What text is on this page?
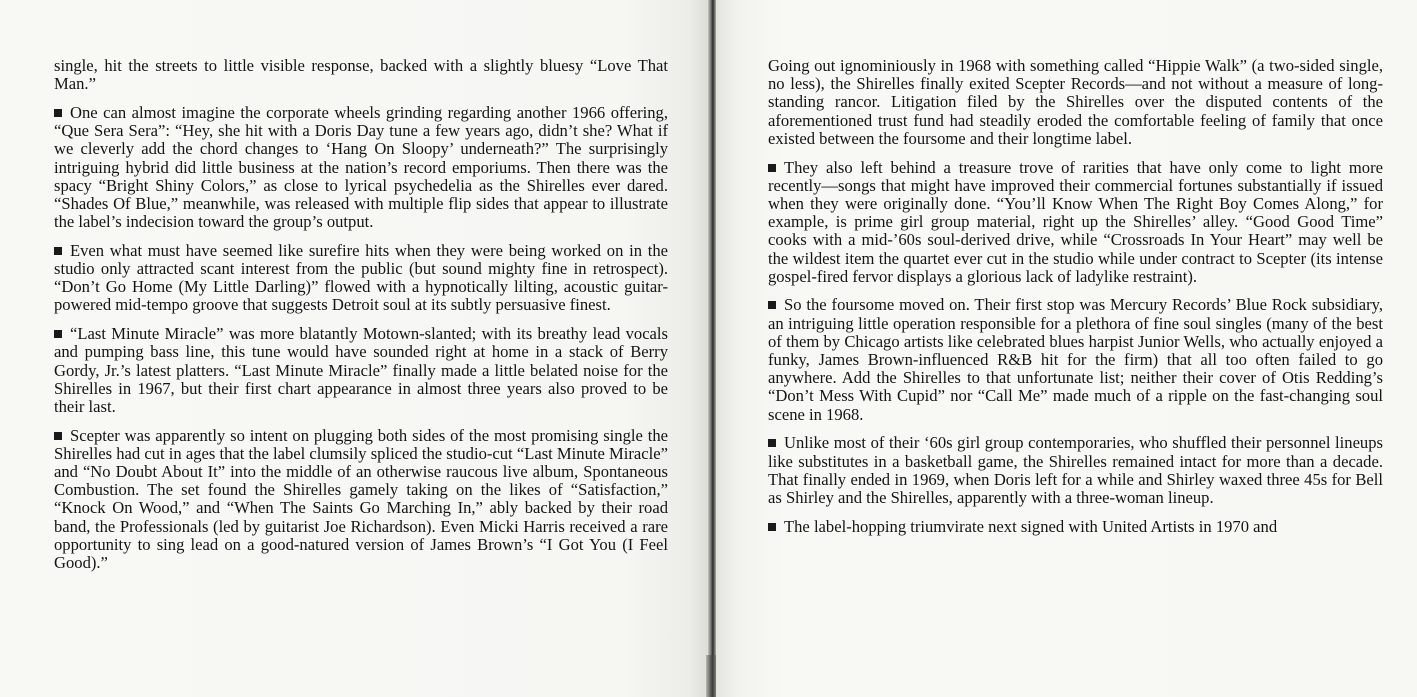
single, hit the streets to little visible response, backed with a slightly bluesy “Love That Man.”

One can almost imagine the corporate wheels grinding regarding another 1966 offering, “Que Sera Sera”: “Hey, she hit with a Doris Day tune a few years ago, didn’t she? What if we cleverly add the chord changes to ‘Hang On Sloopy’ underneath?” The surprisingly intriguing hybrid did little business at the nation’s record emporiums. Then there was the spacy “Bright Shiny Colors,” as close to lyrical psychedelia as the Shirelles ever dared. “Shades Of Blue,” meanwhile, was released with multiple flip sides that appear to illustrate the label’s indecision toward the group’s output.

Even what must have seemed like surefire hits when they were being worked on in the studio only attracted scant interest from the public (but sound mighty fine in retrospect). “Don’t Go Home (My Little Darling)” flowed with a hypnotically lilting, acoustic guitar-powered mid-tempo groove that suggests Detroit soul at its subtly persuasive finest.

“Last Minute Miracle” was more blatantly Motown-slanted; with its breathy lead vocals and pumping bass line, this tune would have sounded right at home in a stack of Berry Gordy, Jr.’s latest platters. “Last Minute Miracle” finally made a little belated noise for the Shirelles in 1967, but their first chart appearance in almost three years also proved to be their last.

Scepter was apparently so intent on plugging both sides of the most promising single the Shirelles had cut in ages that the label clumsily spliced the studio-cut “Last Minute Miracle” and “No Doubt About It” into the middle of an otherwise raucous live album, Spontaneous Combustion. The set found the Shirelles gamely taking on the likes of “Satisfaction,” “Knock On Wood,” and “When The Saints Go Marching In,” ably backed by their road band, the Professionals (led by guitarist Joe Richardson). Even Micki Harris received a rare opportunity to sing lead on a good-natured version of James Brown’s “I Got You (I Feel Good).”

Going out ignominiously in 1968 with something called “Hippie Walk” (a two-sided single, no less), the Shirelles finally exited Scepter Records—and not without a measure of long-standing rancor. Litigation filed by the Shirelles over the disputed contents of the aforementioned trust fund had steadily eroded the comfortable feeling of family that once existed between the foursome and their longtime label.

They also left behind a treasure trove of rarities that have only come to light more recently—songs that might have improved their commercial fortunes substantially if issued when they were originally done. “You’ll Know When The Right Boy Comes Along,” for example, is prime girl group material, right up the Shirelles’ alley. “Good Good Time” cooks with a mid-’60s soul-derived drive, while “Crossroads In Your Heart” may well be the wildest item the quartet ever cut in the studio while under contract to Scepter (its intense gospel-fired fervor displays a glorious lack of ladylike restraint).

So the foursome moved on. Their first stop was Mercury Records’ Blue Rock subsidiary, an intriguing little operation responsible for a plethora of fine soul singles (many of the best of them by Chicago artists like celebrated blues harpist Junior Wells, who actually enjoyed a funky, James Brown-influenced R&B hit for the firm) that all too often failed to go anywhere. Add the Shirelles to that unfortunate list; neither their cover of Otis Redding’s “Don’t Mess With Cupid” nor “Call Me” made much of a ripple on the fast-changing soul scene in 1968.

Unlike most of their ‘60s girl group contemporaries, who shuffled their personnel lineups like substitutes in a basketball game, the Shirelles remained intact for more than a decade. That finally ended in 1969, when Doris left for a while and Shirley waxed three 45s for Bell as Shirley and the Shirelles, apparently with a three-woman lineup.

The label-hopping triumvirate next signed with United Artists in 1970 and
